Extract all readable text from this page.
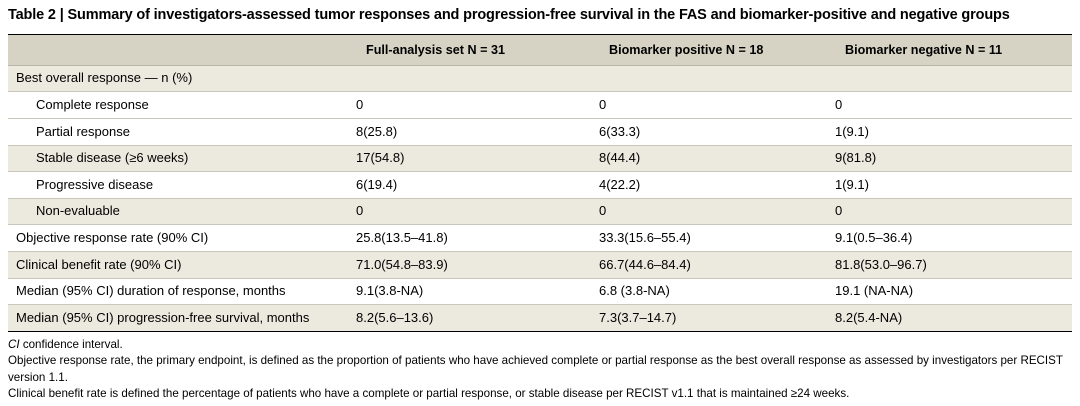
Table 2 | Summary of investigators-assessed tumor responses and progression-free survival in the FAS and biomarker-positive and negative groups
	Full-analysis set N = 31	Biomarker positive N = 18	Biomarker negative N = 11
Best overall response — n (%)			
Complete response	0	0	0
Partial response	8(25.8)	6(33.3)	1(9.1)
Stable disease (≥6 weeks)	17(54.8)	8(44.4)	9(81.8)
Progressive disease	6(19.4)	4(22.2)	1(9.1)
Non-evaluable	0	0	0
Objective response rate (90% CI)	25.8(13.5–41.8)	33.3(15.6–55.4)	9.1(0.5–36.4)
Clinical benefit rate (90% CI)	71.0(54.8–83.9)	66.7(44.6–84.4)	81.8(53.0–96.7)
Median (95% CI) duration of response, months	9.1(3.8-NA)	6.8 (3.8-NA)	19.1 (NA-NA)
Median (95% CI) progression-free survival, months	8.2(5.6–13.6)	7.3(3.7–14.7)	8.2(5.4-NA)

CI confidence interval.

Objective response rate, the primary endpoint, is defined as the proportion of patients who have achieved complete or partial response as the best overall response as assessed by investigators per RECIST version 1.1.

Clinical benefit rate is defined the percentage of patients who have a complete or partial response, or stable disease per RECIST v1.1 that is maintained ≥24 weeks.
